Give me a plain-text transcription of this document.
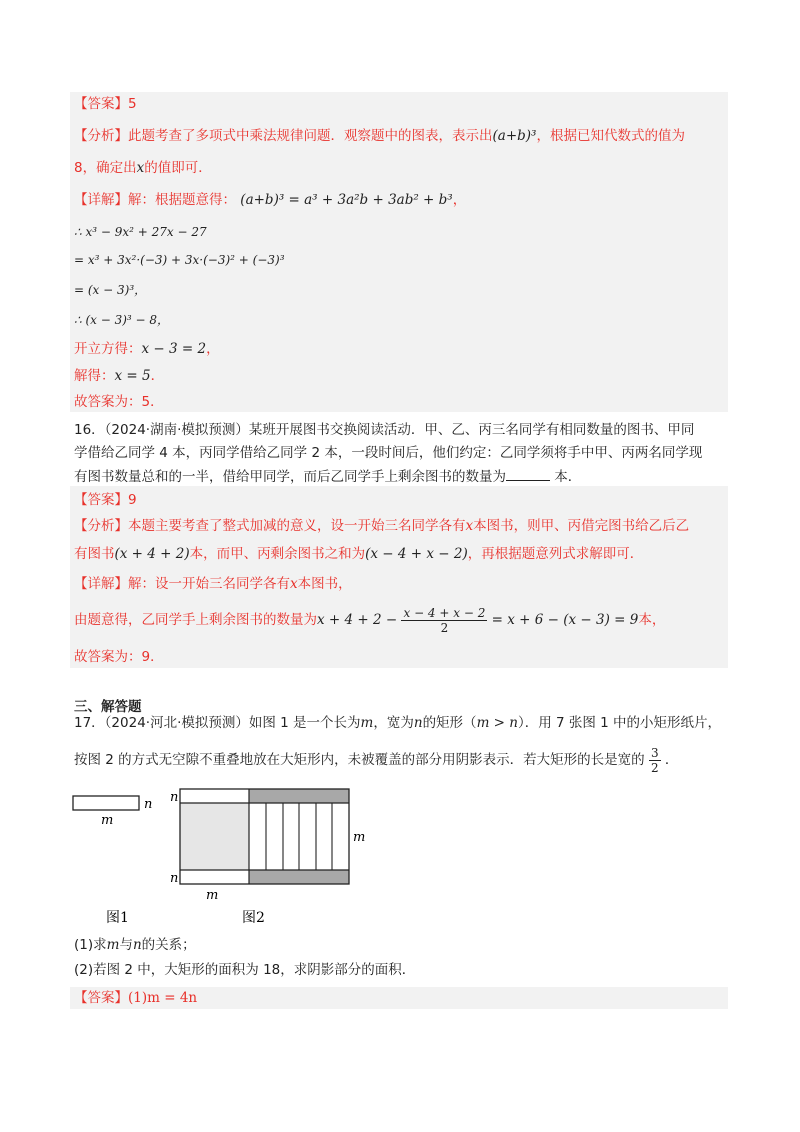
【答案】5
【分析】此题考查了多项式中乘法规律问题．观察题中的图表，表示出(a+b)³，根据已知代数式的值为
8，确定出x的值即可．
【详解】解：根据题意得： (a+b)³ = a³ + 3a²b + 3ab² + b³，
∴ x³ − 9x² + 27x − 27
= x³ + 3x²·(−3) + 3x·(−3)² + (−3)³
= (x − 3)³，
∴ (x − 3)³ − 8，
开立方得：x − 3 = 2，
解得：x = 5．
故答案为：5．
16．（2024·湖南·模拟预测）某班开展图书交换阅读活动．甲、乙、丙三名同学有相同数量的图书、甲同
学借给乙同学 4 本，丙同学借给乙同学 2 本，一段时间后，他们约定：乙同学须将手中甲、丙两名同学现
有图书数量总和的一半，借给甲同学，而后乙同学手上剩余图书的数量为	本．
【答案】9
【分析】本题主要考查了整式加减的意义，设一开始三名同学各有x本图书，则甲、丙借完图书给乙后乙
有图书(x + 4 + 2)本，而甲、丙剩余图书之和为(x − 4 + x − 2)，再根据题意列式求解即可．
【详解】解：设一开始三名同学各有x本图书，
由题意得，乙同学手上剩余图书的数量为$x + 4 + 2 - \frac{x - 4 + x - 2}{2} = x + 6 - (x - 3) = 9$本，
故答案为：9．
三、解答题
17．（2024·河北·模拟预测）如图 1 是一个长为m，宽为n的矩形（m > n）．用 7 张图 1 中的小矩形纸片，
按图 2 的方式无空隙不重叠地放在大矩形内，未被覆盖的部分用阴影表示．若大矩形的长是宽的 $\frac{3}{2}$ ．
n
m
n
n
m
m
图1	图2
(1)求m与n的关系；
(2)若图 2 中，大矩形的面积为 18，求阴影部分的面积．
【答案】(1)m = 4n
